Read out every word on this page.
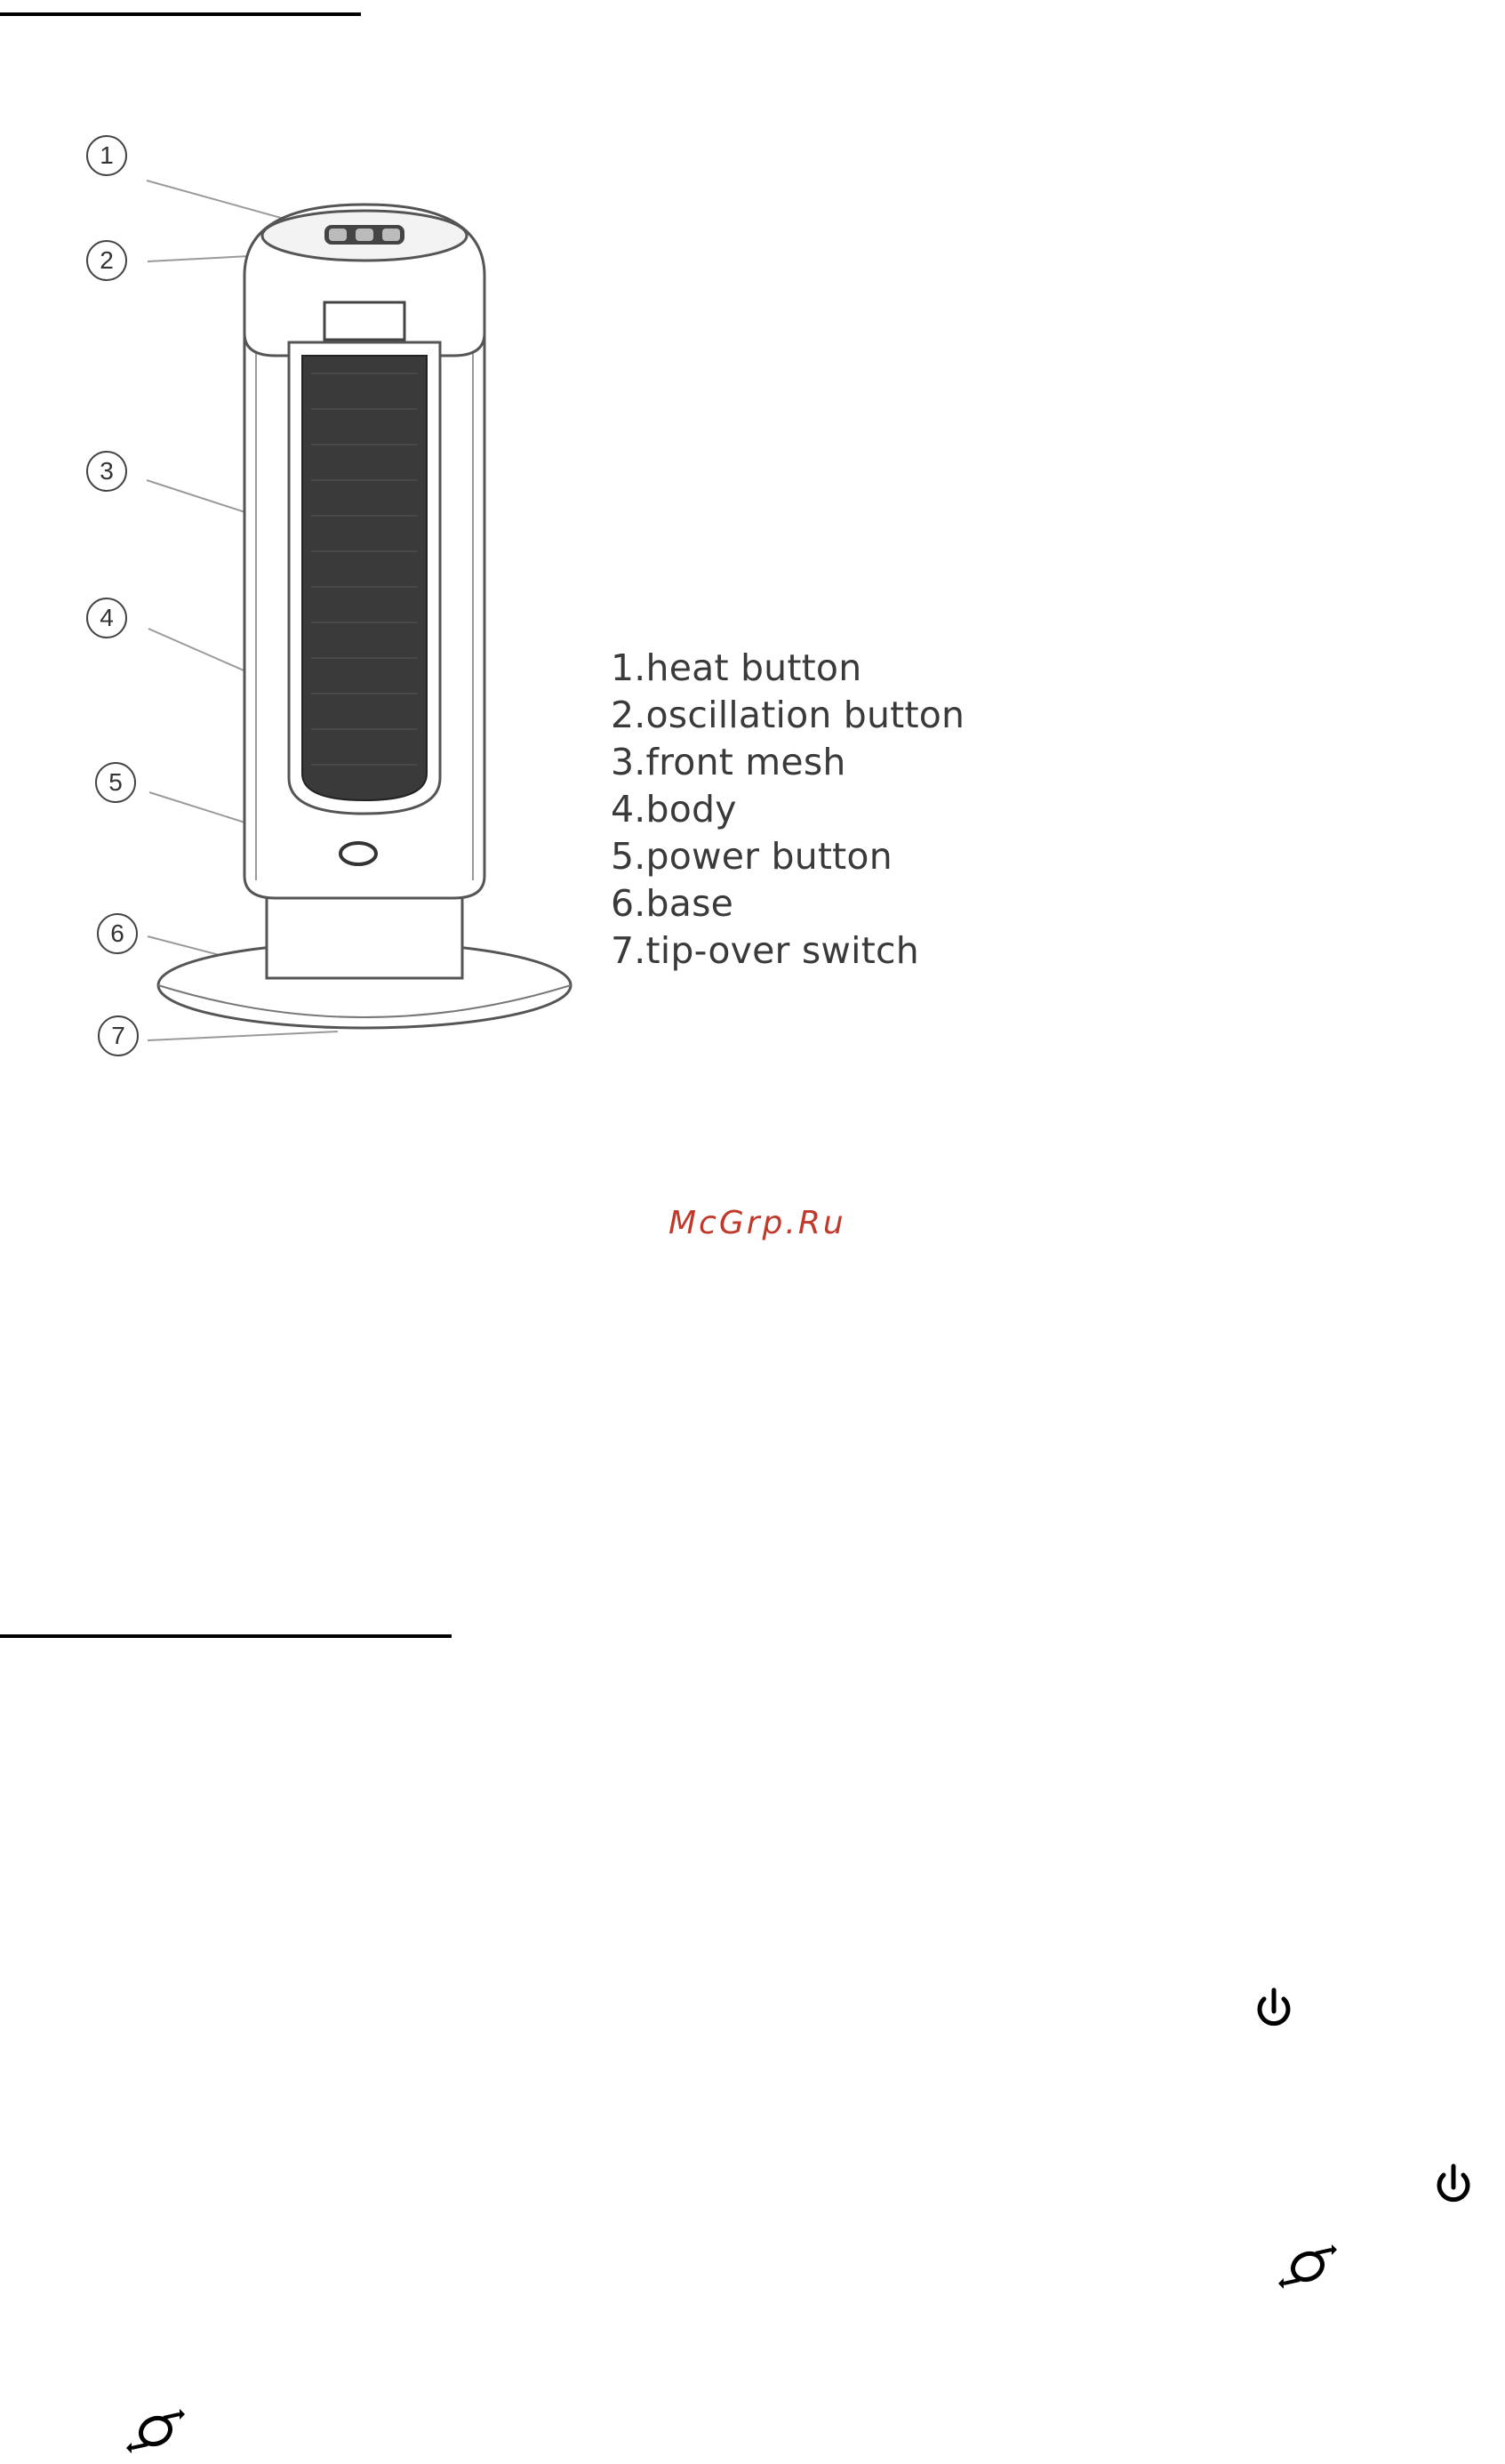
1
2
3
4
5
6
7
1.heat button
2.oscillation button
3.front mesh
4.body
5.power button
6.base
7.tip-over switch
McGrp.Ru
